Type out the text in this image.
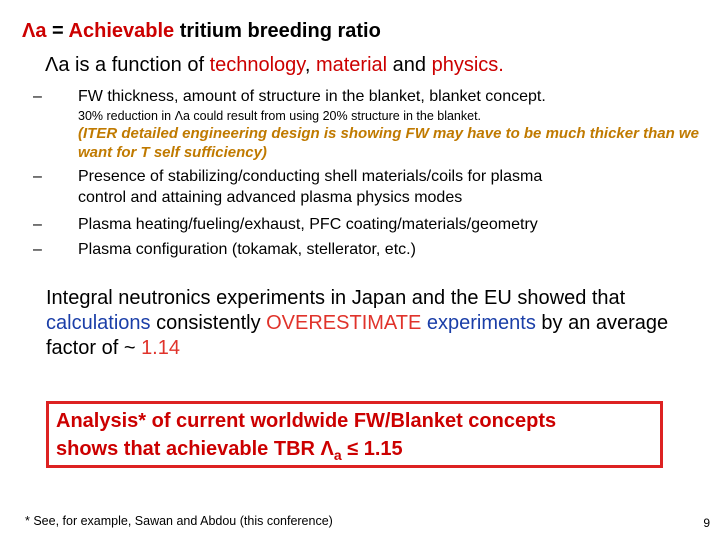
Λa = Achievable tritium breeding ratio
Λa is a function of technology, material and physics.
– FW thickness, amount of structure in the blanket, blanket concept.
30% reduction in Λa could result from using 20% structure in the blanket.
(ITER detailed engineering design is showing FW may have to be much thicker than we want for T self sufficiency)
– Presence of stabilizing/conducting shell materials/coils for plasma
control and attaining advanced plasma physics modes
– Plasma heating/fueling/exhaust, PFC coating/materials/geometry
– Plasma configuration (tokamak, stellerator, etc.)
Integral neutronics experiments in Japan and the EU showed that calculations consistently OVERESTIMATE experiments by an average factor of ~ 1.14
Analysis* of current worldwide FW/Blanket concepts
shows that achievable TBR $\Lambda_a \le 1.15$
* See, for example, Sawan and Abdou (this conference)	9
